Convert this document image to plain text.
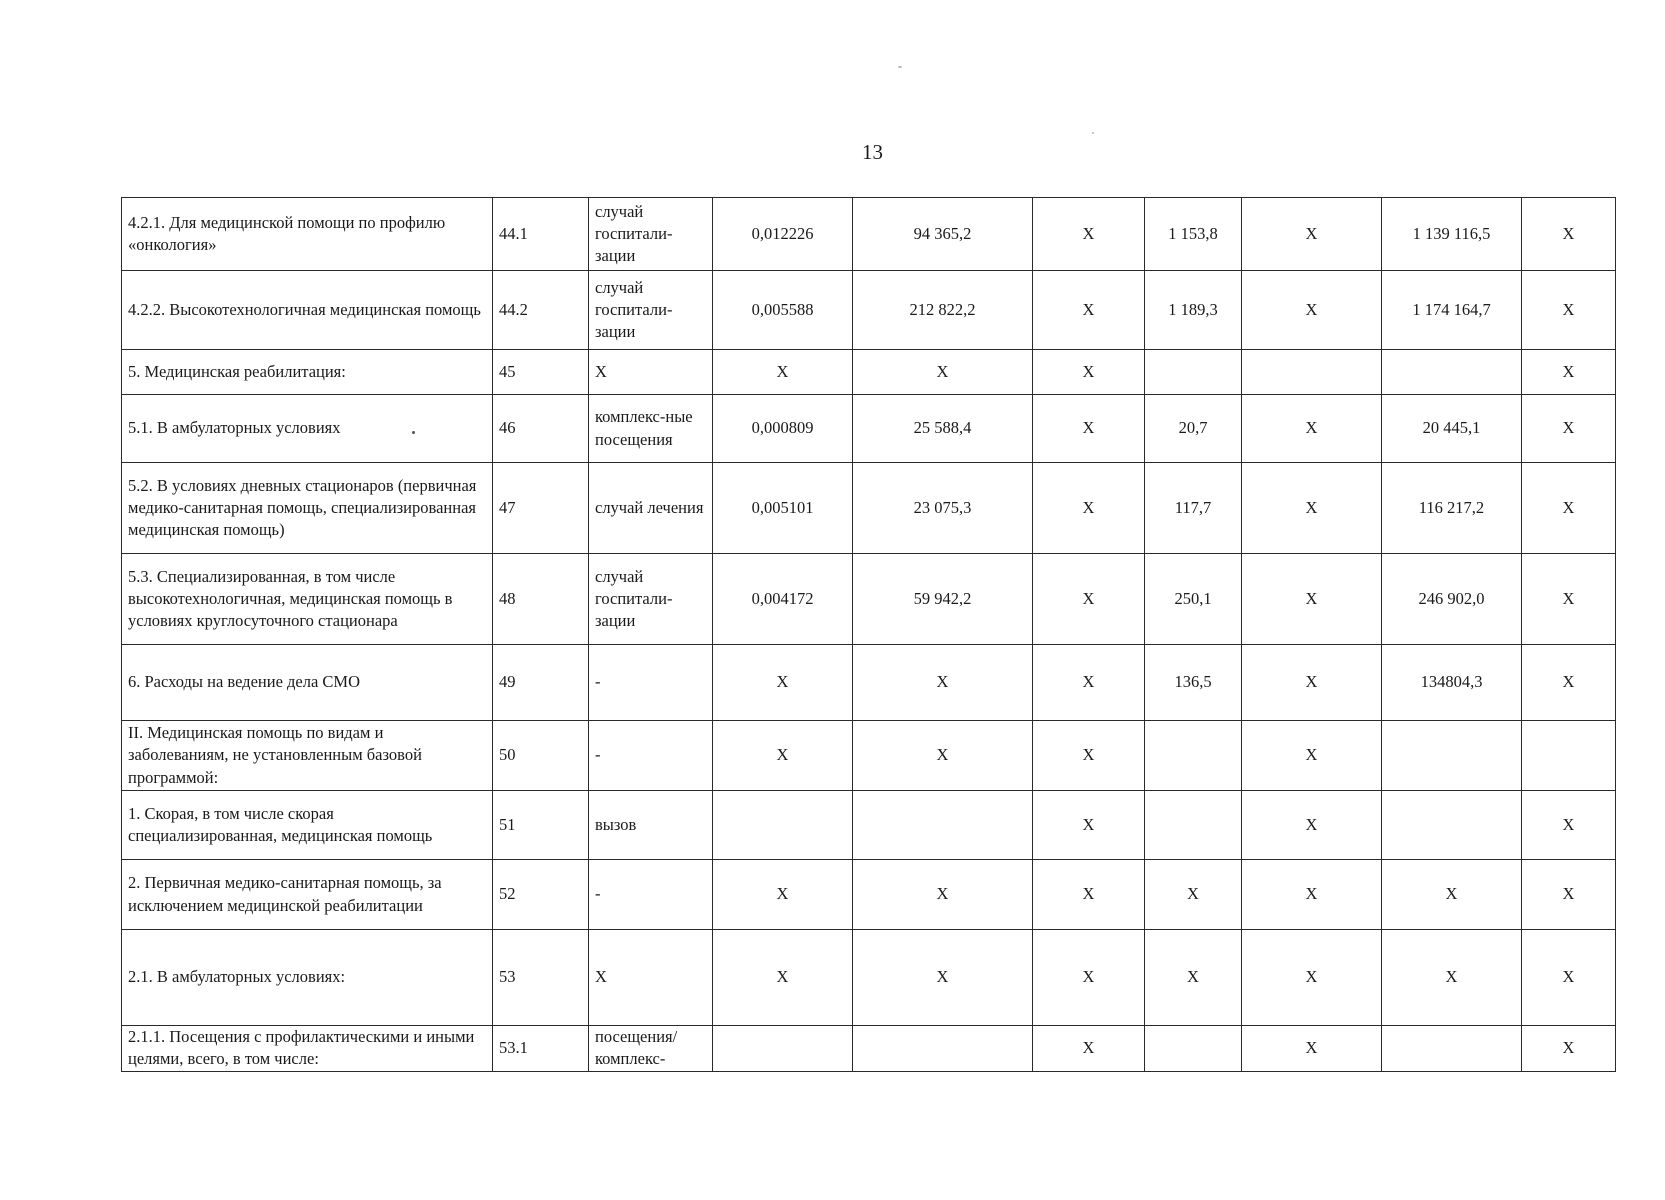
13
4.2.1. Для медицинской помощи по профилю «онкология»	44.1	случай госпитали-зации	0,012226	94 365,2	Х	1 153,8	Х	1 139 116,5	Х
4.2.2. Высокотехнологичная медицинская помощь	44.2	случай госпитали-зации	0,005588	212 822,2	Х	1 189,3	Х	1 174 164,7	Х
5. Медицинская реабилитация:	45	Х	Х	Х	Х				Х
5.1. В амбулаторных условиях	46	комплекс-ные посещения	0,000809	25 588,4	Х	20,7	Х	20 445,1	Х
5.2. В условиях дневных стационаров (первичная медико-санитарная помощь, специализированная медицинская помощь)	47	случай лечения	0,005101	23 075,3	Х	117,7	Х	116 217,2	Х
5.3. Специализированная, в том числе высокотехнологичная, медицинская помощь в условиях круглосуточного стационара	48	случай госпитали-зации	0,004172	59 942,2	Х	250,1	Х	246 902,0	Х
6. Расходы на ведение дела СМО	49	-	Х	Х	Х	136,5	Х	134804,3	Х
II. Медицинская помощь по видам и заболеваниям, не установленным базовой программой:	50	-	Х	Х	Х		Х		
1. Скорая, в том числе скорая специализированная, медицинская помощь	51	вызов			Х		Х		Х
2. Первичная медико-санитарная помощь, за исключением медицинской реабилитации	52	-	Х	Х	Х	Х	Х	Х	Х
2.1. В амбулаторных условиях:	53	Х	Х	Х	Х	Х	Х	Х	Х
2.1.1. Посещения с профилактическими и иными целями, всего, в том числе:	53.1	посещения/ комплекс-			Х		Х		Х
